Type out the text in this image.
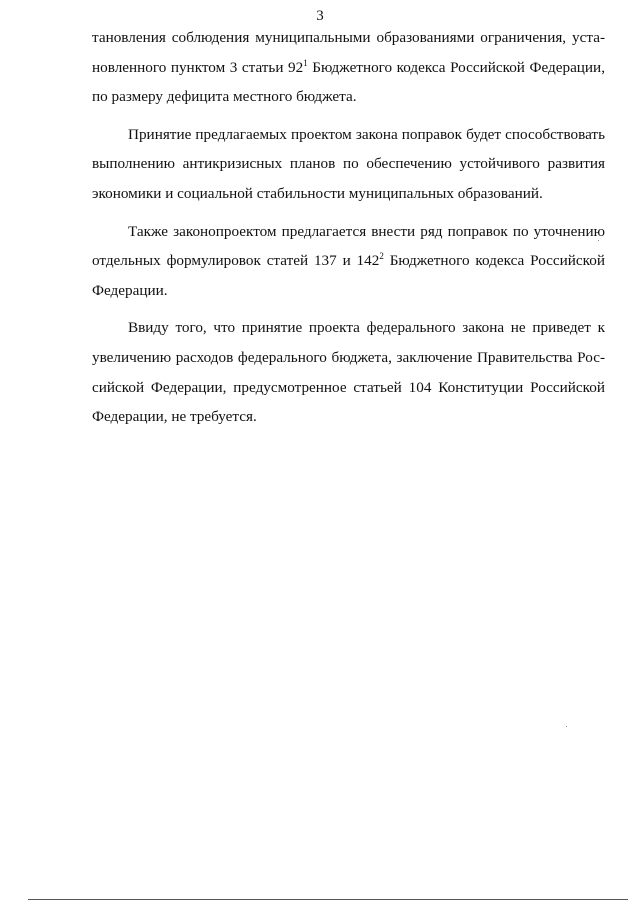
3

тановления соблюдения муниципальными образованиями ограничения, уста-
новленного пунктом 3 статьи $92^1$ Бюджетного кодекса Российской Федерации,
по размеру дефицита местного бюджета.

Принятие предлагаемых проектом закона поправок будет способствовать
выполнению антикризисных планов по обеспечению устойчивого развития
экономики и социальной стабильности муниципальных образований.

Также законопроектом предлагается внести ряд поправок по уточнению
отдельных формулировок статей 137 и $142^2$ Бюджетного кодекса Российской
Федерации.

Ввиду того, что принятие проекта федерального закона не приведет к
увеличению расходов федерального бюджета, заключение Правительства Рос-
сийской Федерации, предусмотренное статьей 104 Конституции Российской
Федерации, не требуется.
